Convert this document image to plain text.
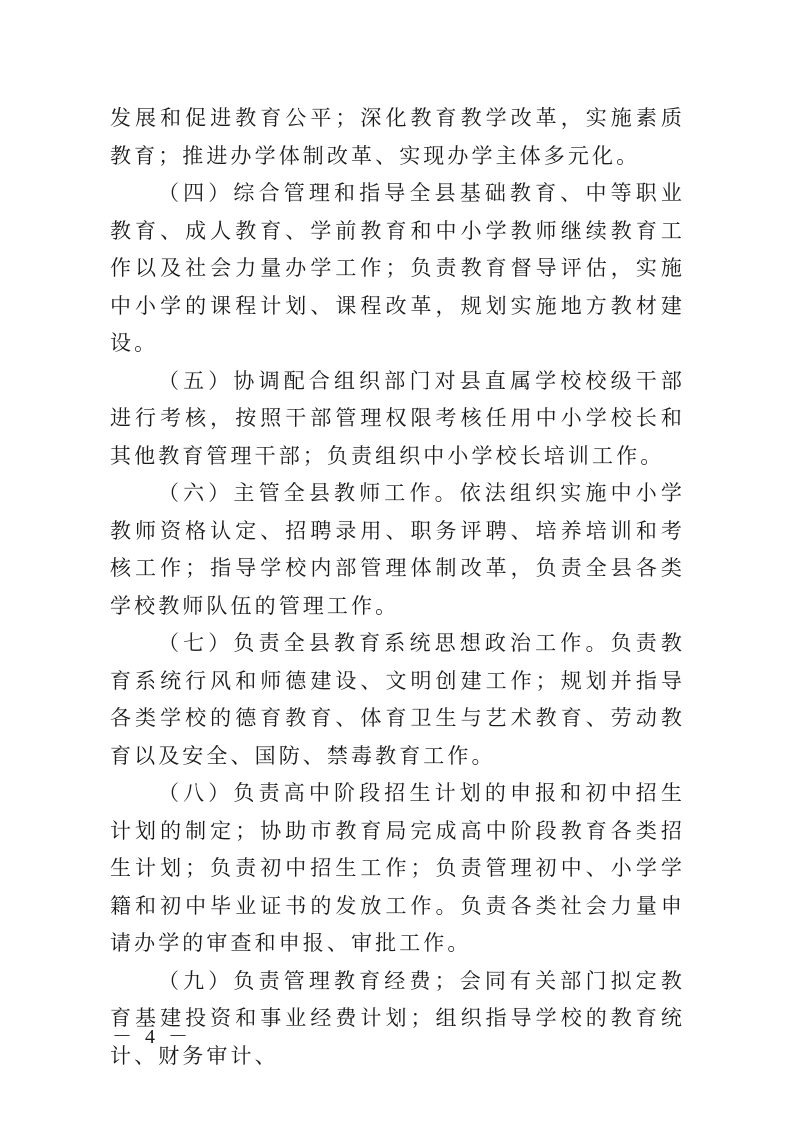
发展和促进教育公平；深化教育教学改革，实施素质教育；推进办学体制改革、实现办学主体多元化。

（四）综合管理和指导全县基础教育、中等职业教育、成人教育、学前教育和中小学教师继续教育工作以及社会力量办学工作；负责教育督导评估，实施中小学的课程计划、课程改革，规划实施地方教材建设。

（五）协调配合组织部门对县直属学校校级干部进行考核，按照干部管理权限考核任用中小学校长和其他教育管理干部；负责组织中小学校长培训工作。

（六）主管全县教师工作。依法组织实施中小学教师资格认定、招聘录用、职务评聘、培养培训和考核工作；指导学校内部管理体制改革，负责全县各类学校教师队伍的管理工作。

（七）负责全县教育系统思想政治工作。负责教育系统行风和师德建设、文明创建工作；规划并指导各类学校的德育教育、体育卫生与艺术教育、劳动教育以及安全、国防、禁毒教育工作。

（八）负责高中阶段招生计划的申报和初中招生计划的制定；协助市教育局完成高中阶段教育各类招生计划；负责初中招生工作；负责管理初中、小学学籍和初中毕业证书的发放工作。负责各类社会力量申请办学的审查和申报、审批工作。

（九）负责管理教育经费；会同有关部门拟定教育基建投资和事业经费计划；组织指导学校的教育统计、财务审计、

－ 4 －
